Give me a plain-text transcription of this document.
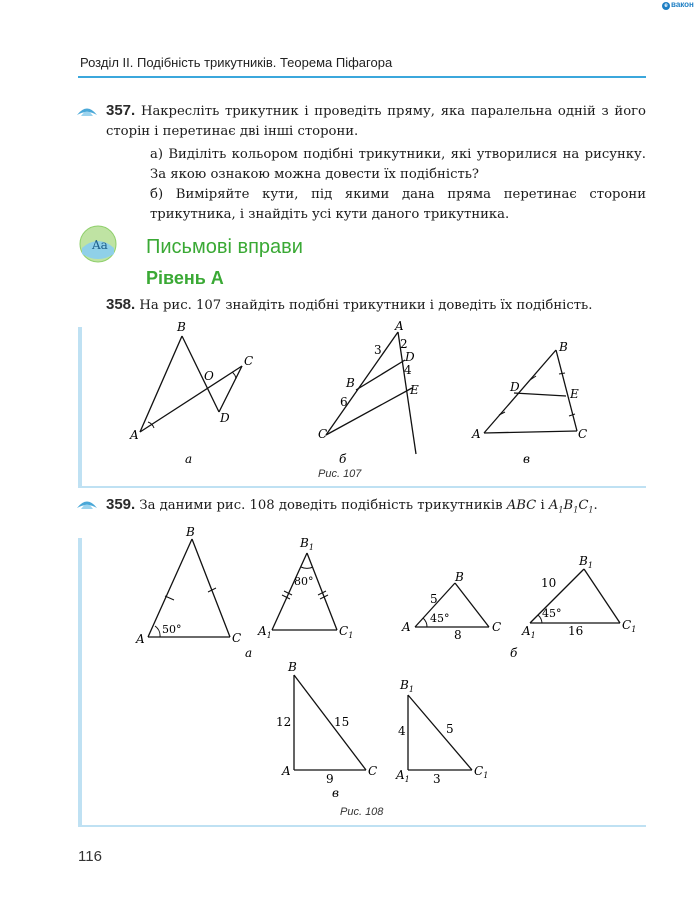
e вакон
Розділ ІІ. Подібність трикутників. Теорема Піфагора
357. Накресліть трикутник і проведіть пряму, яка паралельна одній з його сторін і перетинає дві інші сторони.
а) Виділіть кольором подібні трикутники, які утворилися на рисунку. За якою ознакою можна довести їх подібність?
б) Виміряйте кути, під якими дана пряма перетинає сторони трикутника, і знайдіть усі кути даного трикутника.
Aa Письмові вправи
Рівень А
358. На рис. 107 знайдіть подібні трикутники і доведіть їх подібність.
B
A
O
C
D
A
B
C
D
E
3 2
4
6
B
D	E
A	C
а	б	в
Рис. 107
359. За даними рис. 108 доведіть подібність трикутників ABC і $A_1B_1C_1$.
B
A	C
50°
$B_1$
$A_1$	$C_1$
80°	B
A	C
5
8
45°
$B_1$
$A_1$
$C_1$
10
16
45°
а	б
B
A	C
12	15
9
$B_1$
$A_1$
$C_1$
4	5
3
в
Рис. 108
116
